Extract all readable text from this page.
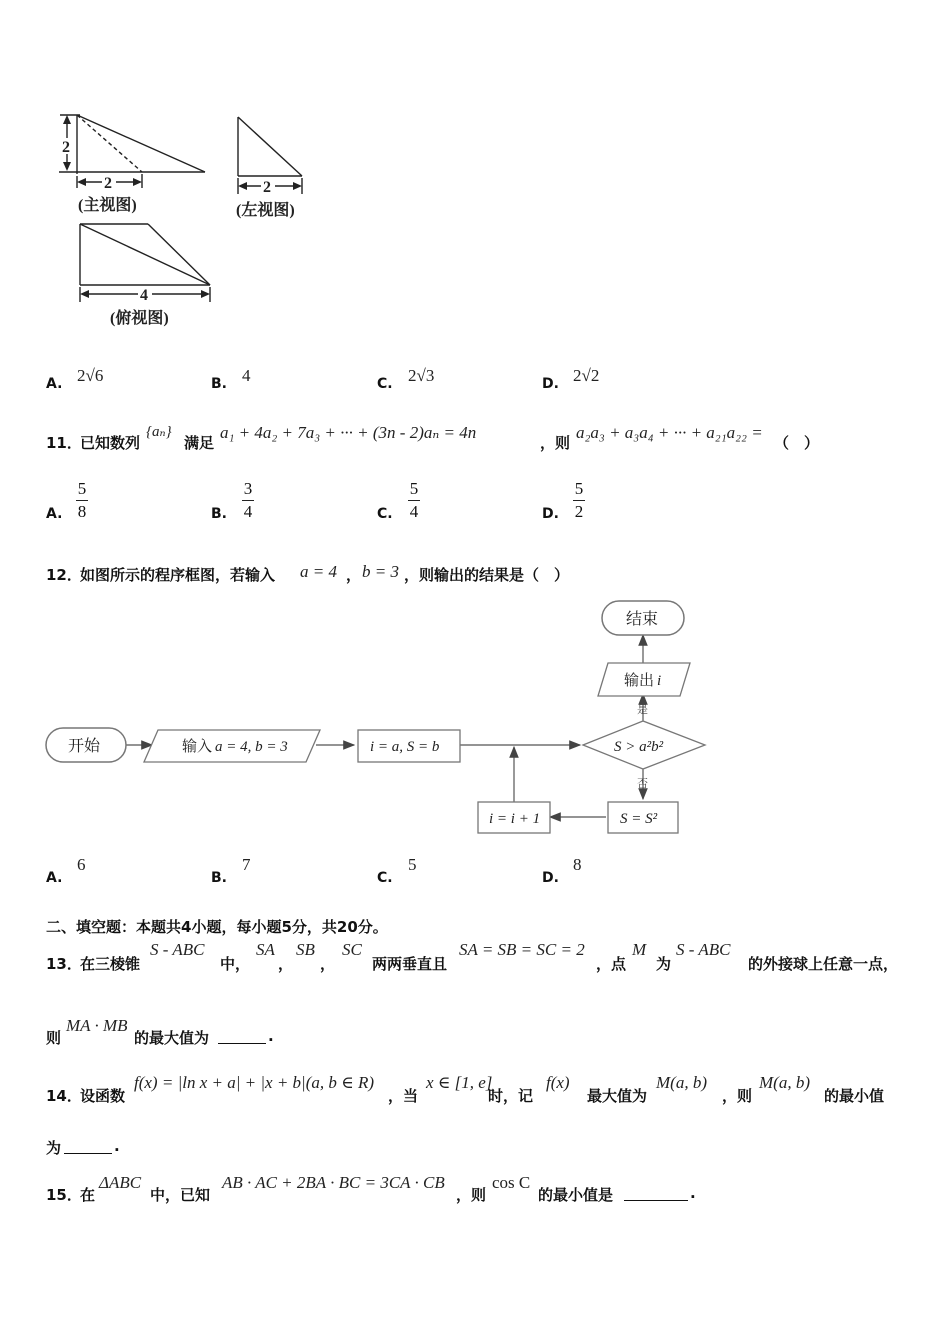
2
2
(主视图)
2
(左视图)
4
(俯视图)
A. 2√6	B. 4	C. 2√3	D. 2√2
11．
已知数列
{aₙ}
满足
a₁ + 4a₂ + 7a₃ + ··· + (3n - 2)aₙ = 4n
，则
a₂a₃ + a₃a₄ + ··· + a₂₁a₂₂ =
（　）
A.
5
8	B.
3
4	C.
5
4	D.
5
2
12．
如图所示的程序框图，若输入 a = 4 ， b = 3 ，则输出的结果是（　）
开始	输入 a = 4, b = 3	i = a, S = b	S > a²b²
是
否
输出 i
结束
S = S²
i = i + 1
A.
6
B.
7
C.
5
D.
8
二、填空题：本题共4小题，每小题5分，共20分。
13．
在三棱锥
S - ABC
中，
SA
，
SB
，
SC
两两垂直且
SA = SB = SC = 2
，点
M
为
S - ABC
的外接球上任意一点，
则
MA · MB
的最大值为	.
14．
设函数
f(x) = |ln x + a| + |x + b|(a, b ∈ R)
，当
x ∈ [1, e]
时，记
f(x)
最大值为
M(a, b)
，则
M(a, b)
的最小值
为	.
15．
在
ΔABC
中，已知
AB · AC + 2BA · BC = 3CA · CB
，则
cos C
的最小值是	.
